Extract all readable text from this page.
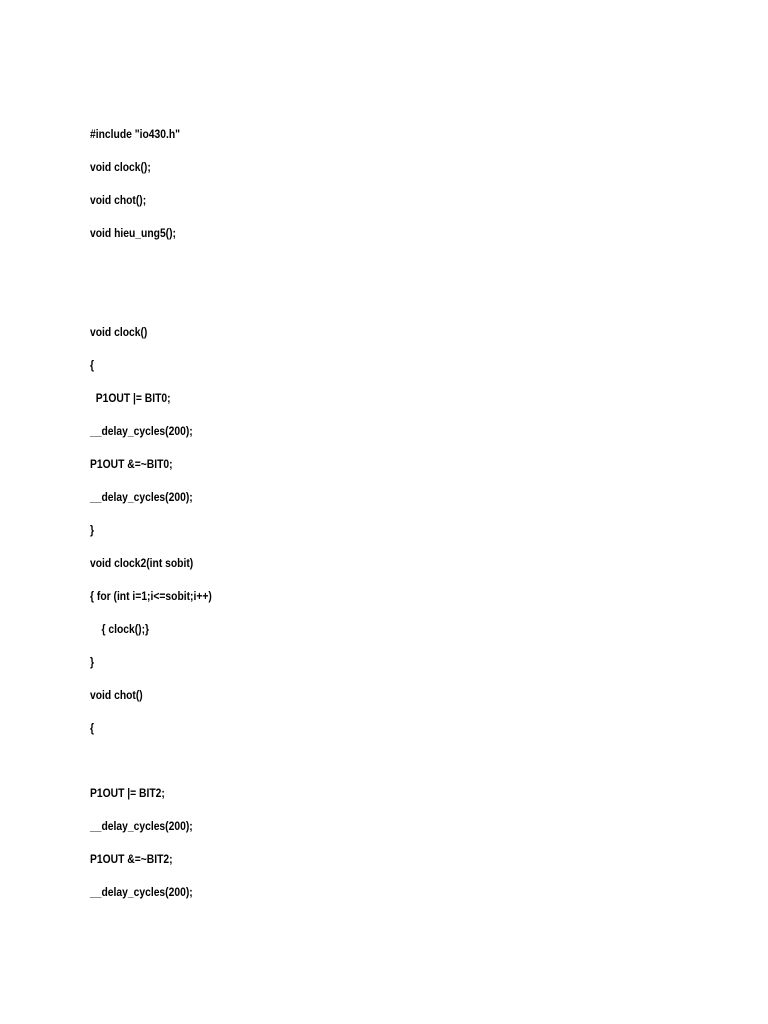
#include "io430.h"
void clock();
void chot();
void hieu_ung5();
void clock()
{
P1OUT |= BIT0;
__delay_cycles(200);
P1OUT &=~BIT0;
__delay_cycles(200);
}
void clock2(int sobit)
{ for (int i=1;i<=sobit;i++)
{ clock();}
}
void chot()
{
P1OUT |= BIT2;
__delay_cycles(200);
P1OUT &=~BIT2;
__delay_cycles(200);
